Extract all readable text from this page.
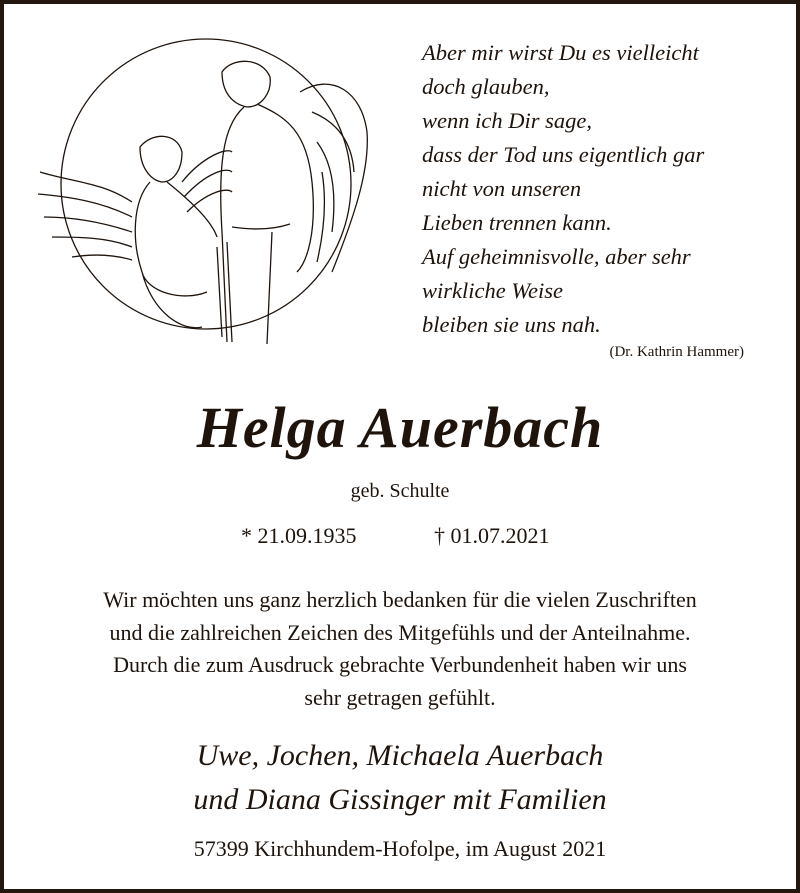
Aber mir wirst Du es vielleicht
doch glauben,
wenn ich Dir sage,
dass der Tod uns eigentlich gar
nicht von unseren
Lieben trennen kann.
Auf geheimnisvolle, aber sehr
wirkliche Weise
bleiben sie uns nah.
(Dr. Kathrin Hammer)
Helga Auerbach
geb. Schulte
* 21.09.1935	† 01.07.2021
Wir möchten uns ganz herzlich bedanken für die vielen Zuschriften
und die zahlreichen Zeichen des Mitgefühls und der Anteilnahme.
Durch die zum Ausdruck gebrachte Verbundenheit haben wir uns
sehr getragen gefühlt.
Uwe, Jochen, Michaela Auerbach
und Diana Gissinger mit Familien
57399 Kirchhundem-Hofolpe, im August 2021
